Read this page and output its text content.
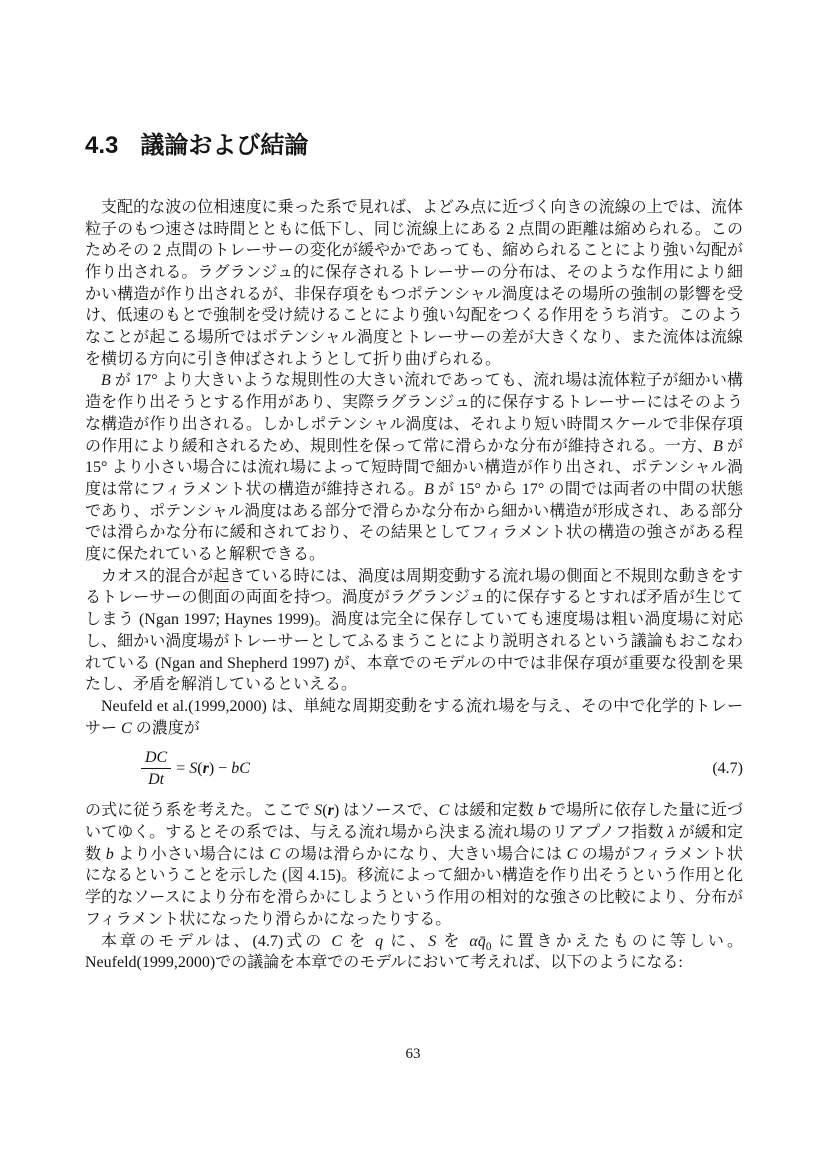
4.3 議論および結論

支配的な波の位相速度に乗った系で見れば、よどみ点に近づく向きの流線の上では、流体粒子のもつ速さは時間とともに低下し、同じ流線上にある 2 点間の距離は縮められる。このためその 2 点間のトレーサーの変化が緩やかであっても、縮められることにより強い勾配が作り出される。ラグランジュ的に保存されるトレーサーの分布は、そのような作用により細かい構造が作り出されるが、非保存項をもつポテンシャル渦度はその場所の強制の影響を受け、低速のもとで強制を受け続けることにより強い勾配をつくる作用をうち消す。このようなことが起こる場所ではポテンシャル渦度とトレーサーの差が大きくなり、また流体は流線を横切る方向に引き伸ばされようとして折り曲げられる。

B が 17° より大きいような規則性の大きい流れであっても、流れ場は流体粒子が細かい構造を作り出そうとする作用があり、実際ラグランジュ的に保存するトレーサーにはそのような構造が作り出される。しかしポテンシャル渦度は、それより短い時間スケールで非保存項の作用により緩和されるため、規則性を保って常に滑らかな分布が維持される。一方、B が 15° より小さい場合には流れ場によって短時間で細かい構造が作り出され、ポテンシャル渦度は常にフィラメント状の構造が維持される。B が 15° から 17° の間では両者の中間の状態であり、ポテンシャル渦度はある部分で滑らかな分布から細かい構造が形成され、ある部分では滑らかな分布に緩和されており、その結果としてフィラメント状の構造の強さがある程度に保たれていると解釈できる。

カオス的混合が起きている時には、渦度は周期変動する流れ場の側面と不規則な動きをするトレーサーの側面の両面を持つ。渦度がラグランジュ的に保存するとすれば矛盾が生じてしまう (Ngan 1997; Haynes 1999)。渦度は完全に保存していても速度場は粗い渦度場に対応し、細かい渦度場がトレーサーとしてふるまうことにより説明されるという議論もおこなわれている (Ngan and Shepherd 1997) が、本章でのモデルの中では非保存項が重要な役割を果たし、矛盾を解消しているといえる。

Neufeld et al.(1999,2000) は、単純な周期変動をする流れ場を与え、その中で化学的トレーサー C の濃度が

$\frac{DC}{Dt} = S(r)$ − bC	(4.7)

の式に従う系を考えた。ここで S(r) はソースで、C は緩和定数 b で場所に依存した量に近づいてゆく。するとその系では、与える流れ場から決まる流れ場のリアプノフ指数 λ が緩和定数 b より小さい場合には C の場は滑らかになり、大きい場合には C の場がフィラメント状になるということを示した (図 4.15)。移流によって細かい構造を作り出そうという作用と化学的なソースにより分布を滑らかにしようという作用の相対的な強さの比較により、分布がフィラメント状になったり滑らかになったりする。

本章のモデルは、(4.7)式の C を q に、S を $\alpha q̄_0$ に置きかえたものに等しい。Neufeld(1999,2000)での議論を本章でのモデルにおいて考えれば、以下のようになる:

63
